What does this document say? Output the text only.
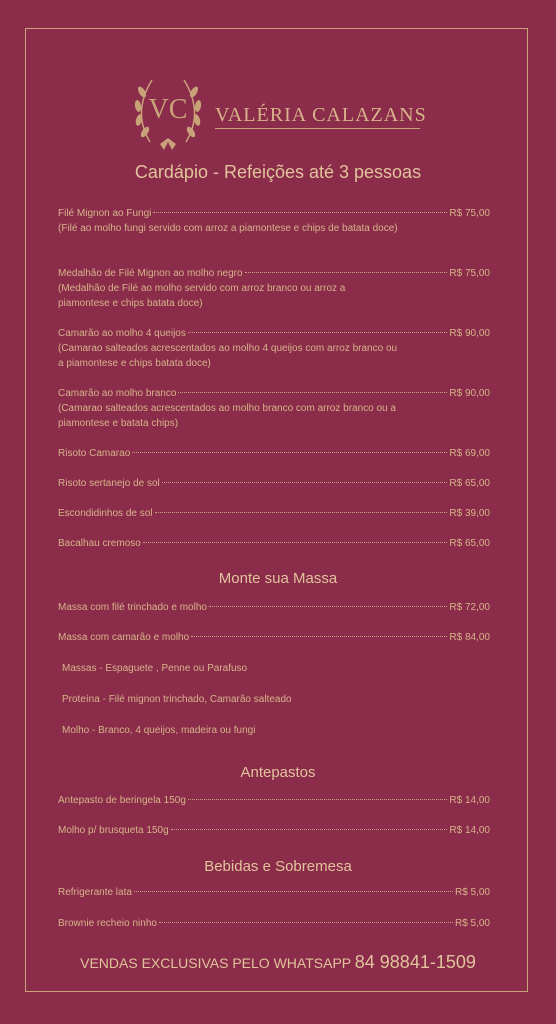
VC VALÉRIA CALAZANS
Cardápio - Refeições até 3 pessoas
Filé Mignon ao Fungi	R$ 75,00
(Filé ao molho fungi servido com arroz a piamontese e chips de batata doce)
Medalhão de Filé Mignon ao molho negro	R$ 75,00
(Medalhão de Filé ao molho servido com arroz branco ou arroz a piamontese e chips batata doce)
Camarão ao molho 4 queijos	R$ 90,00
(Camarao salteados acrescentados ao molho 4 queijos com arroz branco ou a piamontese e chips batata doce)
Camarão ao molho branco	R$ 90,00
(Camarao salteados acrescentados ao molho branco com arroz branco ou a piamontese e batata chips)
Risoto Camarao	R$ 69,00
Risoto sertanejo de sol	R$ 65,00
Escondidinhos de sol	R$ 39,00
Bacalhau cremoso	R$ 65,00
Monte sua Massa
Antepastos
Bebidas e Sobremesa
Massa com filé trinchado e molho	R$ 72,00
Massa com camarão e molho	R$ 84,00
Massas - Espaguete , Penne ou Parafuso
Proteína - Filé mignon trinchado, Camarão salteado
Molho - Branco, 4 queijos, madeira ou fungi
Antepasto de beringela 150g	R$ 14,00
Molho p/ brusqueta 150g	R$ 14,00
Refrigerante lata	R$ 5,00
Brownie recheio ninho	R$ 5,00
VENDAS EXCLUSIVAS PELO WHATSAPP 84 98841-1509
